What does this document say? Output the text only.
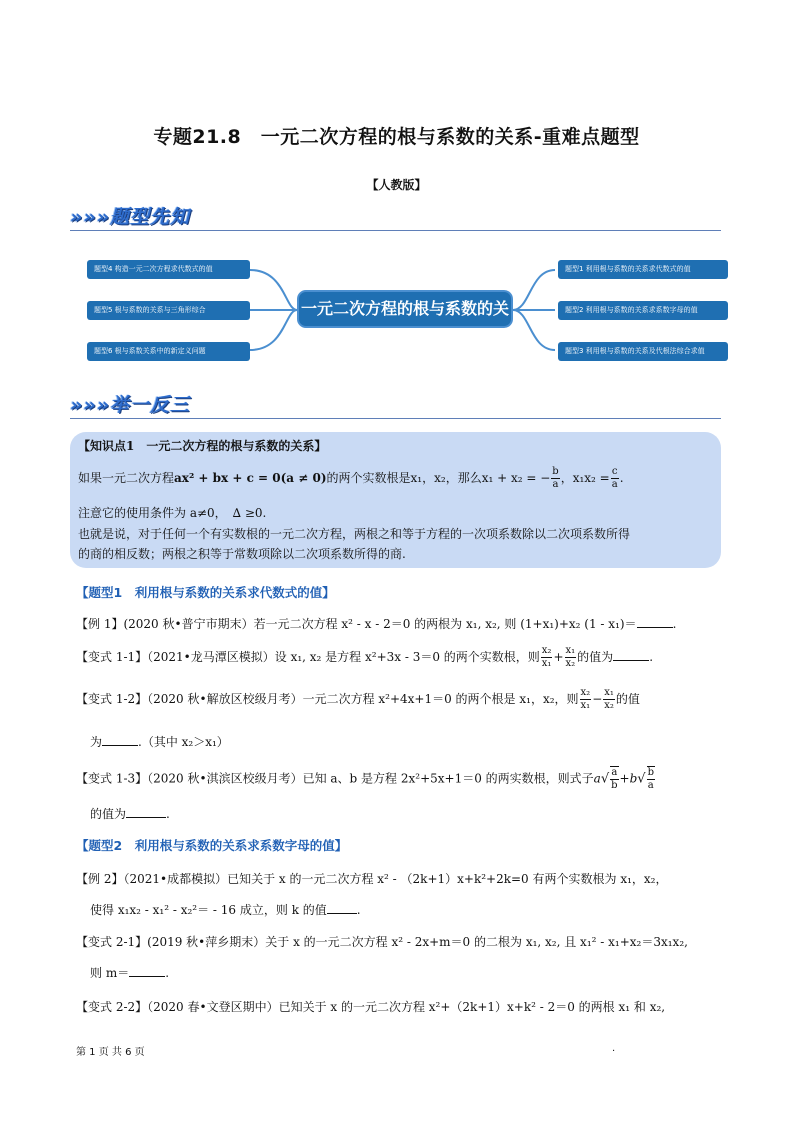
专题21.8　一元二次方程的根与系数的关系-重难点题型
【人教版】
»»»题型先知
题型4 构造一元二次方程求代数式的值
题型5 根与系数的关系与三角形综合
题型6 根与系数关系中的新定义问题
一元二次方程的根与系数的关系
题型1 利用根与系数的关系求代数式的值
题型2 利用根与系数的关系求系数字母的值
题型3 利用根与系数的关系及代根法综合求值
»»»举一反三
【知识点1　一元二次方程的根与系数的关系】
如果一元二次方程ax² + bx + c = 0(a ≠ 0)的两个实数根是x₁，x₂，那么x₁ + x₂ = − $\frac{b}{a}$ ，$x_1x_2 = \frac{c}{a}$ .
注意它的使用条件为 a≠0，　∆ ≥0.
也就是说，对于任何一个有实数根的一元二次方程，两根之和等于方程的一次项系数除以二次项系数所得
的商的相反数；两根之积等于常数项除以二次项系数所得的商.
【题型1　利用根与系数的关系求代数式的值】
【例 1】(2020 秋•普宁市期末）若一元二次方程 x² - x - 2＝0 的两根为 x₁, x₂, 则 (1+x₁)+x₂ (1 - x₁)＝	.
【变式 1-1】（2021•龙马潭区模拟）设 x₁, x₂ 是方程 x²+3x - 3＝0 的两个实数根，则 $\frac{\text{x₂}}{\text{x₁}} + \frac{\text{x₁}}{\text{x₂}}$ 的值为	.
【变式 1-2】（2020 秋•解放区校级月考）一元二次方程 x²+4x+1＝0 的两个根是 x₁，x₂，则 $\frac{\text{x₂}}{\text{x₁}} - \frac{\text{x₁}}{\text{x₂}}$ 的值
为	.（其中 x₂＞x₁）
【变式 1-3】（2020 秋•淇滨区校级月考）已知 a、b 是方程 2x²+5x+1＝0 的两实数根，则式子$a√ \frac{a}{b} +b√ \frac{b}{a}$
的值为	.
【题型2　利用根与系数的关系求系数字母的值】
【例 2】（2021•成都模拟）已知关于 x 的一元二次方程 x² - （2k+1）x+k²+2k=0 有两个实数根为 x₁，x₂，
使得 x₁x₂ - x₁² - x₂²＝ - 16 成立，则 k 的值	.
【变式 2-1】(2019 秋•萍乡期末）关于 x 的一元二次方程 x² - 2x+m＝0 的二根为 x₁, x₂, 且 x₁² - x₁+x₂＝3x₁x₂,
则 m＝	.
【变式 2-2】（2020 春•文登区期中）已知关于 x 的一元二次方程 x²+（2k+1）x+k² - 2＝0 的两根 x₁ 和 x₂,
第 1 页 共 6 页	.
